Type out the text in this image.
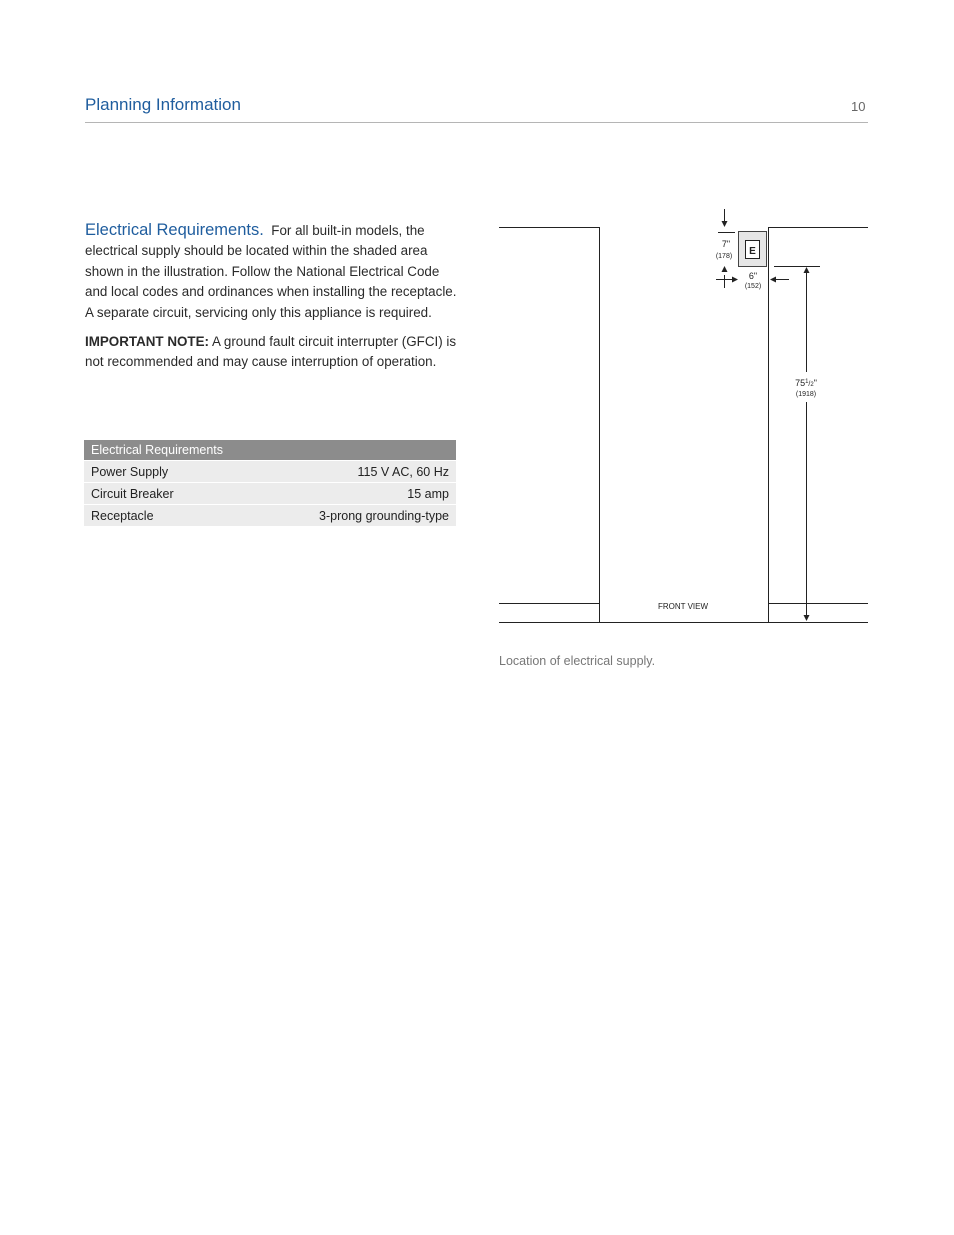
Planning Information	10

Electrical Requirements. For all built-in models, the electrical supply should be located within the shaded area shown in the illustration. Follow the National Electrical Code and local codes and ordinances when installing the receptacle. A separate circuit, servicing only this appliance is required.

IMPORTANT NOTE: A ground fault circuit interrupter (GFCI) is not recommended and may cause interruption of operation.

Electrical Requirements	
Power Supply	115 V AC, 60 Hz
Circuit Breaker	15 amp
Receptacle	3-prong grounding-type
E
7"
(178)
6"
(152)
$75^1_/2$"
(1918)
FRONT VIEW
Location of electrical supply.
